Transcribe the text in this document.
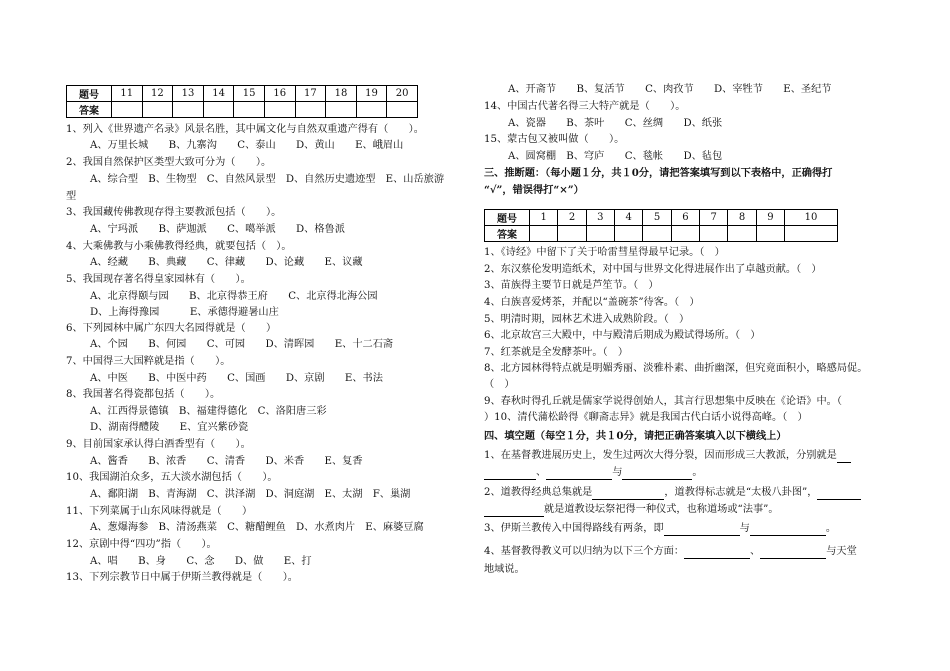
题号	11	12	13	14	15	16	17	18	19	20
答案										
1、列入《世界遗产名录》风景名胜，其中属文化与自然双重遗产得有（　　）。
A、万里长城　　B、九寨沟　　C、泰山　　D、黄山　　E、峨眉山
2、我国自然保护区类型大致可分为（　　）。
A、综合型　B、生物型　C、自然风景型　D、自然历史遗迹型　E、山岳旅游
型
3、我国藏传佛教现存得主要教派包括（　　）。
A、宁玛派　　B、萨迦派　　C、噶举派　　D、格鲁派
4、大乘佛教与小乘佛教得经典，就要包括（　）。
A、经藏　　B、典藏　　C、律藏　　D、论藏　　E、议藏
5、我国现存著名得皇家园林有（　　）。
A、北京得颐与园　　B、北京得恭王府　　C、北京得北海公园
D、上海得豫园　　　E、承德得避暑山庄
6、下列园林中属广东四大名园得就是（　　）
A、个园　　B、何园　　C、可园　　D、清晖园　　E、十二石斋
7、中国得三大国粹就是指（　　）。
A、中医　　B、中医中药　　C、国画　　D、京剧　　E、书法
8、我国著名得瓷都包括（　　）。
A、江西得景德镇　B、福建得德化　C、洛阳唐三彩
D、湖南得醴陵　　E、宜兴紫砂瓷
9、目前国家承认得白酒香型有（　　）。
A、酱香　　B、浓香　　C、清香　　D、米香　　E、复香
10、我国湖泊众多，五大淡水湖包括（　　）。
A、鄱阳湖　B、青海湖　C、洪泽湖　D、洞庭湖　E、太湖　F、巢湖
11、下列菜属于山东风味得就是（　　）
A、葱爆海参　B、清汤燕菜　C、糖醋鲤鱼　D、水煮肉片　E、麻婆豆腐
12、京剧中得“四功”指（　　）。
A、唱　　B、身　　C、念　　D、做　　E、打
13、下列宗教节日中属于伊斯兰教得就是（　　）。
A、开斋节　　B、复活节　　C、肉孜节　　D、宰牲节　　E、圣纪节
14、中国古代著名得三大特产就是（　　）。
A、瓷器　　B、茶叶　　C、丝绸　　D、纸张
15、蒙古包又被叫做（　　）。
A、圆窝棚　B、穹庐　　C、毯帐　　D、毡包
三、推断题：（每小题１分，共１0分，请把答案填写到以下表格中，正确得打
“√”，错误得打“×”）
题号	1	2	3	4	5	6	7	8	9	10
答案										
1、《诗经》中留下了关于哈雷彗星得最早记录。（　）
2、东汉蔡伦发明造纸术，对中国与世界文化得进展作出了卓越贡献。（　）
3、苗族得主要节日就是芦笙节。（　）
4、白族喜爱烤茶，并配以“盖碗茶”待客。（　）
5、明清时期，园林艺术进入成熟阶段。（　）
6、北京故宫三大殿中，中与殿清后期成为殿试得场所。（　）
7、红茶就是全发酵茶叶。（　）
8、北方园林得特点就是明媚秀丽、淡雅朴素、曲折幽深，但究竟面积小，略感局促。
（　）
9、春秋时得孔丘就是儒家学说得创始人，其言行思想集中反映在《论语》中。（
）10、清代蒲松龄得《聊斋志异》就是我国古代白话小说得高峰。（　）
四、填空题（每空１分，共１0分，请把正确答案填入以下横线上）
1、在基督教进展历史上，发生过两次大得分裂，因而形成三大教派，分别就是
、	与	。
2、道教得经典总集就是	，道教得标志就是“太极八卦图”，
就是道教设坛祭祀得一种仪式，也称道场或“法事”。
3、伊斯兰教传入中国得路线有两条，即	与	。
4、基督教得教义可以归纳为以下三个方面：	、	与天堂
地域说。
